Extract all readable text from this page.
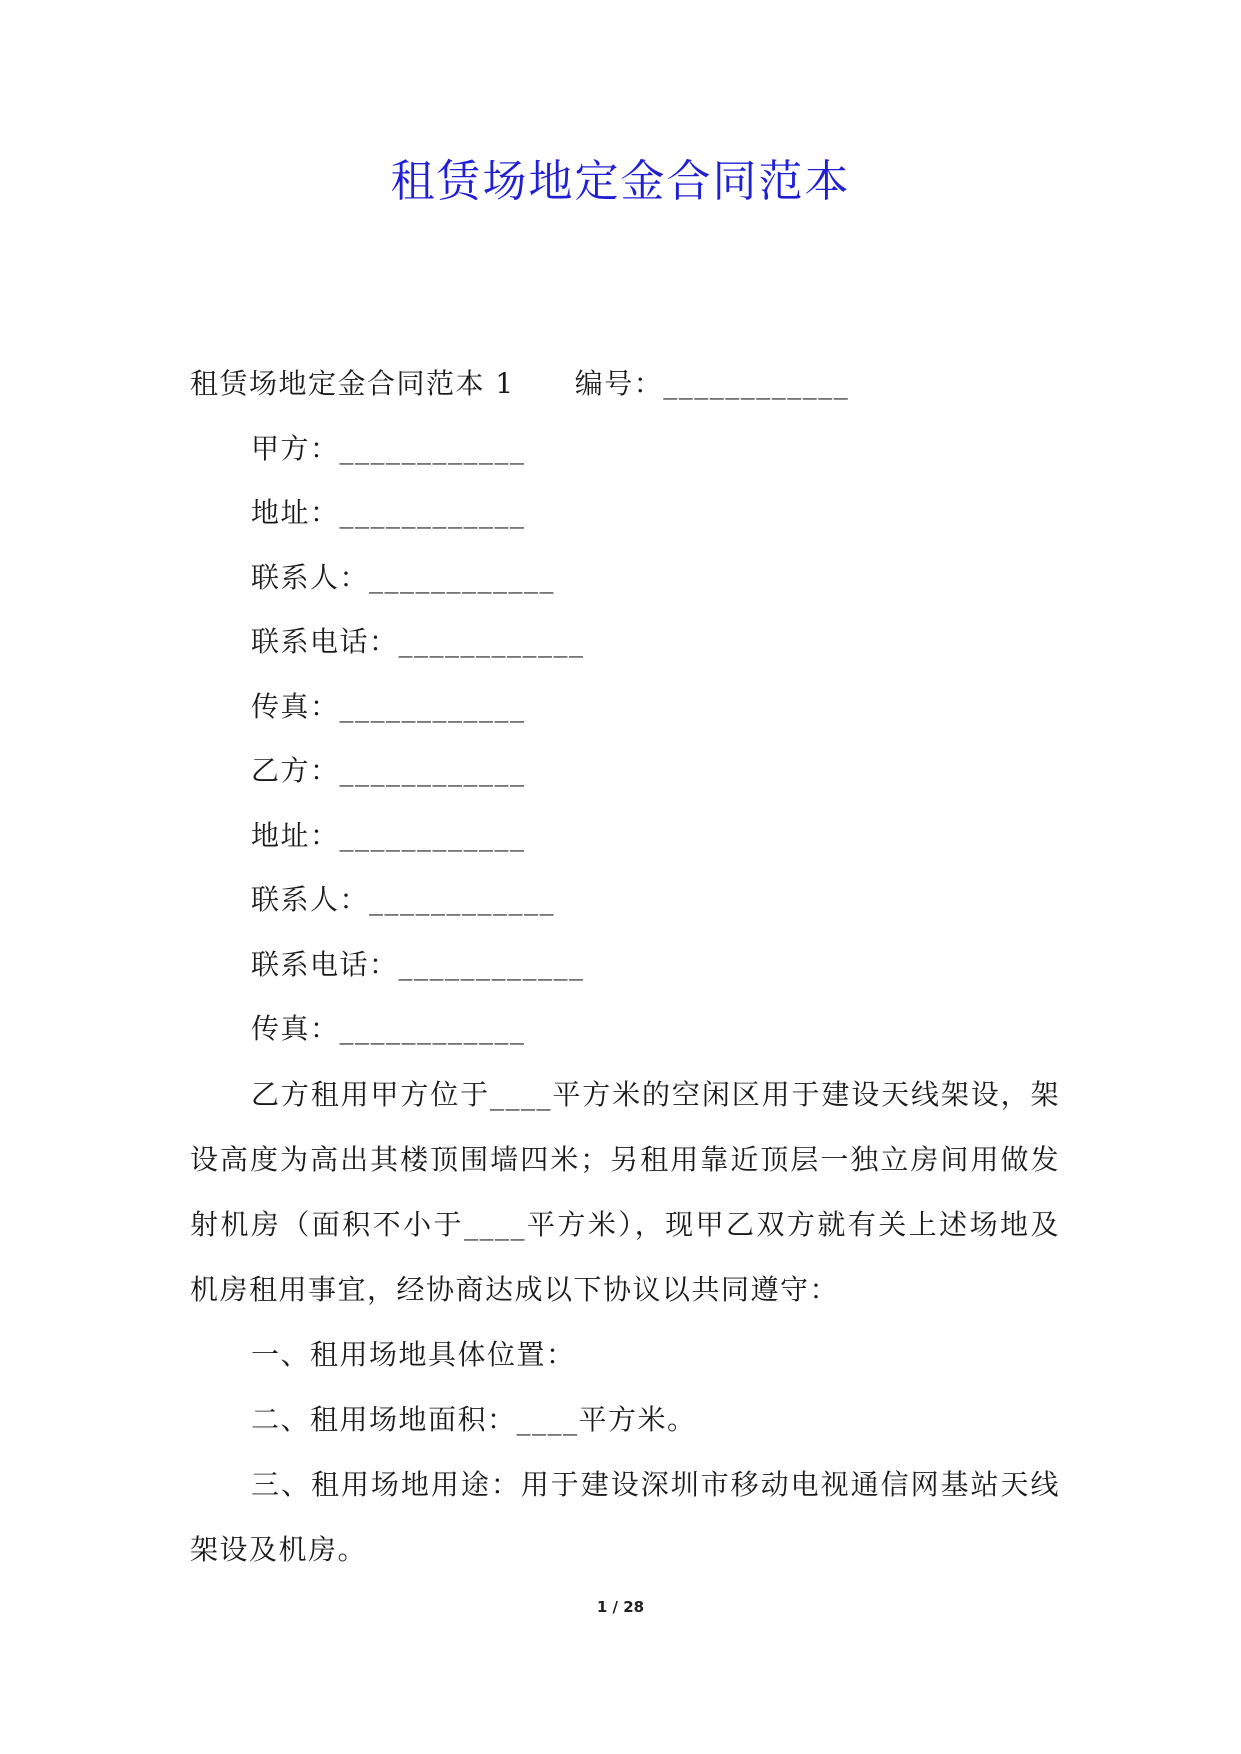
租赁场地定金合同范本
租赁场地定金合同范本 1 编号：____________
甲方：____________
地址：____________
联系人：____________
联系电话：____________
传真：____________
乙方：____________
地址：____________
联系人：____________
联系电话：____________
传真：____________

乙方租用甲方位于____平方米的空闲区用于建设天线架设，架设高度为高出其楼顶围墙四米；另租用靠近顶层一独立房间用做发射机房（面积不小于____平方米），现甲乙双方就有关上述场地及机房租用事宜，经协商达成以下协议以共同遵守：

一、租用场地具体位置：

二、租用场地面积：____平方米。

三、租用场地用途：用于建设深圳市移动电视通信网基站天线架设及机房。

1 / 28
